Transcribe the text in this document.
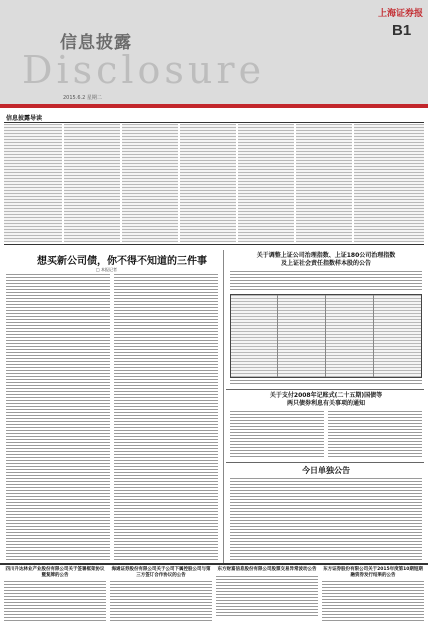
上海证券报
B1
信息披露
Disclosure
2015.6.2 星期二
信息披露导读
想买新公司债，你不得不知道的三件事
□ 本报记者
关于调整上证公司治理指数、上证180公司治理指数
及上证社会责任指数样本股的公告
关于支付2008年记账式(二十五期)国债等
两只债券利息有关事项的通知
今日单独公告
四川升达林业产业股份有限公司关于签署框架协议暨复牌的公告
海通证券股份有限公司关于公司下属控股公司与第三方签订合作协议的公告
东方财富信息股份有限公司股票交易异常波动公告	东方证券股份有限公司关于2015年度第10期短期融资券发行结果的公告
